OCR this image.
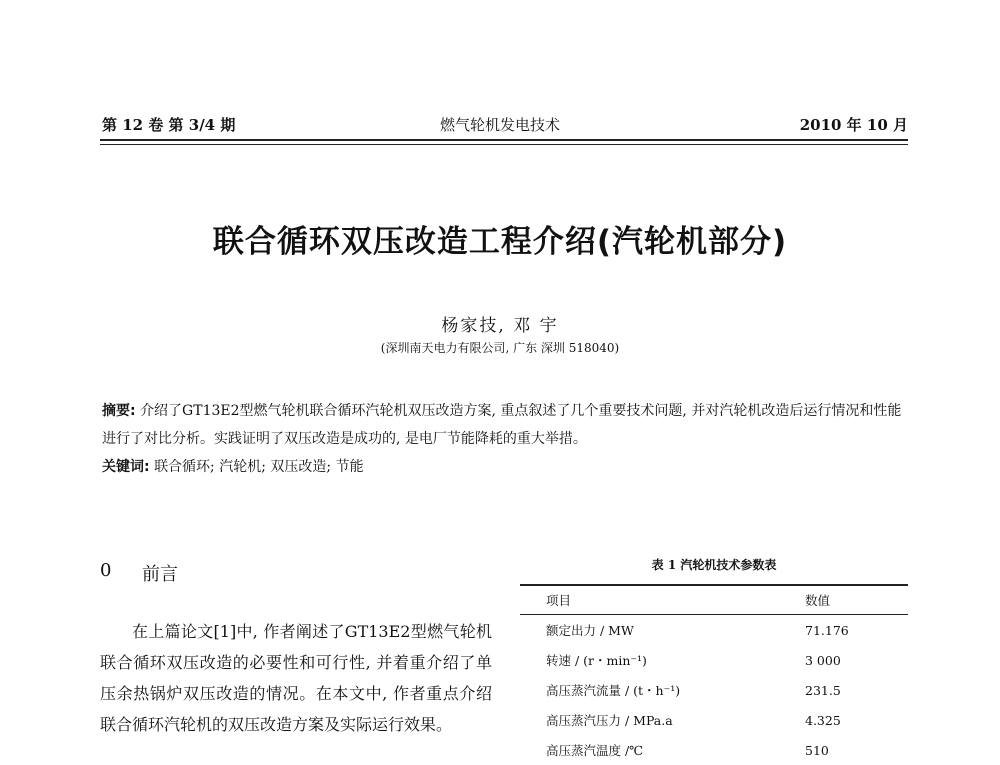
第 12 卷 第 3/4 期	燃气轮机发电技术	2010 年 10 月
联合循环双压改造工程介绍(汽轮机部分)
杨家技, 邓 宇
(深圳南天电力有限公司, 广东 深圳 518040)
摘要: 介绍了GT13E2型燃气轮机联合循环汽轮机双压改造方案, 重点叙述了几个重要技术问题, 并对汽轮机改造后运行情况和性能进行了对比分析。实践证明了双压改造是成功的, 是电厂节能降耗的重大举措。
关键词: 联合循环; 汽轮机; 双压改造; 节能
0 前言
在上篇论文[1]中, 作者阐述了GT13E2型燃气轮机联合循环双压改造的必要性和可行性, 并着重介绍了单压余热锅炉双压改造的情况。在本文中, 作者重点介绍联合循环汽轮机的双压改造方案及实际运行效果。
表 1 汽轮机技术参数表
项目	数值
额定出力 / MW	71.176
转速 / (r・min⁻¹)	3 000
高压蒸汽流量 / (t・h⁻¹)	231.5
高压蒸汽压力 / MPa.a	4.325
高压蒸汽温度 /℃	510
